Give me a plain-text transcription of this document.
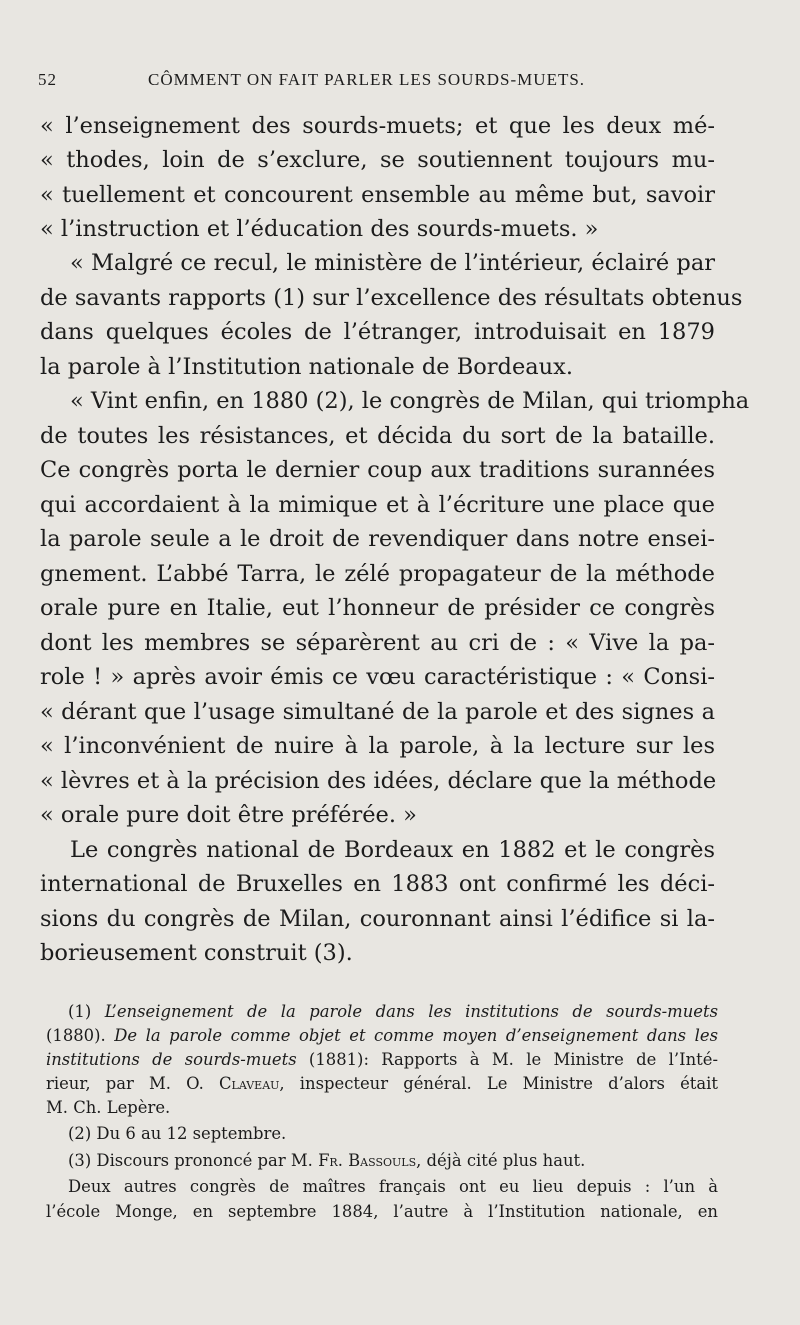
52	CÔMMENT ON FAIT PARLER LES SOURDS-MUETS.
« l’enseignement des sourds-muets; et que les deux mé-
« thodes, loin de s’exclure, se soutiennent toujours mu-
« tuellement et concourent ensemble au même but, savoir
« l’instruction et l’éducation des sourds-muets. »
« Malgré ce recul, le ministère de l’intérieur, éclairé par
de savants rapports (1) sur l’excellence des résultats obtenus
dans quelques écoles de l’étranger, introduisait en 1879
la parole à l’Institution nationale de Bordeaux.
« Vint enfin, en 1880 (2), le congrès de Milan, qui triompha
de toutes les résistances, et décida du sort de la bataille.
Ce congrès porta le dernier coup aux traditions surannées
qui accordaient à la mimique et à l’écriture une place que
la parole seule a le droit de revendiquer dans notre ensei-
gnement. L’abbé Tarra, le zélé propagateur de la méthode
orale pure en Italie, eut l’honneur de présider ce congrès
dont les membres se séparèrent au cri de : « Vive la pa-
role ! » après avoir émis ce vœu caractéristique : « Consi-
« dérant que l’usage simultané de la parole et des signes a
« l’inconvénient de nuire à la parole, à la lecture sur les
« lèvres et à la précision des idées, déclare que la méthode
« orale pure doit être préférée. »
Le congrès national de Bordeaux en 1882 et le congrès
international de Bruxelles en 1883 ont confirmé les déci-
sions du congrès de Milan, couronnant ainsi l’édifice si la-
borieusement construit (3).
(1) L’enseignement de la parole dans les institutions de sourds-muets
(1880). De la parole comme objet et comme moyen d’enseignement dans les
institutions de sourds-muets (1881): Rapports à M. le Ministre de l’Inté-
rieur, par M. O. Claveau, inspecteur général. Le Ministre d’alors était
M. Ch. Lepère.
(2) Du 6 au 12 septembre.
(3) Discours prononcé par M. Fr. Bassouls, déjà cité plus haut.
Deux autres congrès de maîtres français ont eu lieu depuis : l’un à
l’école Monge, en septembre 1884, l’autre à l’Institution nationale, en
